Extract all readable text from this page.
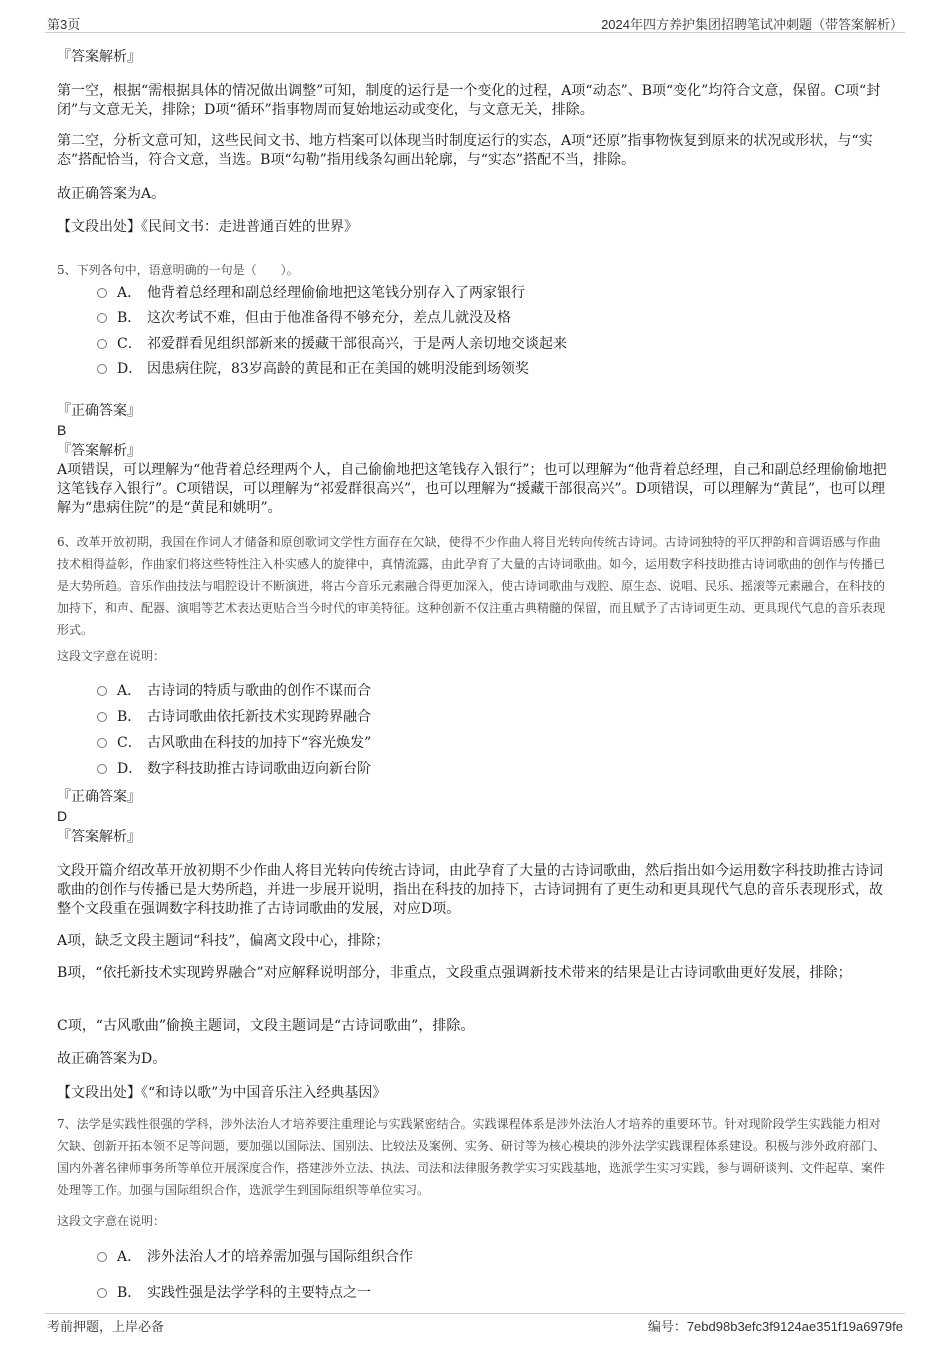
第3页	2024年四方养护集团招聘笔试冲刺题（带答案解析）
『答案解析』
第一空，根据“需根据具体的情况做出调整”可知，制度的运行是一个变化的过程，A项“动态”、B项“变化”均符合文意，保留。C项“封闭”与文意无关，排除；D项“循环”指事物周而复始地运动或变化，与文意无关，排除。
第二空，分析文意可知，这些民间文书、地方档案可以体现当时制度运行的实态，A项“还原”指事物恢复到原来的状况或形状，与“实态”搭配恰当，符合文意，当选。B项“勾勒”指用线条勾画出轮廓，与“实态”搭配不当，排除。
故正确答案为A。
【文段出处】《民间文书：走进普通百姓的世界》
5、下列各句中，语意明确的一句是（　　）。
A． 他背着总经理和副总经理偷偷地把这笔钱分别存入了两家银行
B． 这次考试不难，但由于他准备得不够充分，差点儿就没及格
C． 祁爱群看见组织部新来的援藏干部很高兴，于是两人亲切地交谈起来
D． 因患病住院，83岁高龄的黄昆和正在美国的姚明没能到场领奖
『正确答案』
B
『答案解析』
A项错误，可以理解为“他背着总经理两个人，自己偷偷地把这笔钱存入银行”；也可以理解为“他背着总经理，自己和副总经理偷偷地把这笔钱存入银行”。C项错误，可以理解为“祁爱群很高兴”，也可以理解为“援藏干部很高兴”。D项错误，可以理解为“黄昆”，也可以理解为“患病住院”的是“黄昆和姚明”。
6、改革开放初期，我国在作词人才储备和原创歌词文学性方面存在欠缺，使得不少作曲人将目光转向传统古诗词。古诗词独特的平仄押韵和音调语感与作曲技术相得益彰，作曲家们将这些特性注入朴实感人的旋律中，真情流露，由此孕育了大量的古诗词歌曲。如今，运用数字科技助推古诗词歌曲的创作与传播已是大势所趋。音乐作曲技法与唱腔设计不断演进，将古今音乐元素融合得更加深入，使古诗词歌曲与戏腔、原生态、说唱、民乐、摇滚等元素融合，在科技的加持下，和声、配器、演唱等艺术表达更贴合当今时代的审美特征。这种创新不仅注重古典精髓的保留，而且赋予了古诗词更生动、更具现代气息的音乐表现形式。
这段文字意在说明：
A． 古诗词的特质与歌曲的创作不谋而合
B． 古诗词歌曲依托新技术实现跨界融合
C． 古风歌曲在科技的加持下“容光焕发”
D． 数字科技助推古诗词歌曲迈向新台阶
『正确答案』
D
『答案解析』
文段开篇介绍改革开放初期不少作曲人将目光转向传统古诗词，由此孕育了大量的古诗词歌曲，然后指出如今运用数字科技助推古诗词歌曲的创作与传播已是大势所趋，并进一步展开说明，指出在科技的加持下，古诗词拥有了更生动和更具现代气息的音乐表现形式，故整个文段重在强调数字科技助推了古诗词歌曲的发展，对应D项。
A项，缺乏文段主题词“科技”，偏离文段中心，排除；
B项，“依托新技术实现跨界融合”对应解释说明部分，非重点，文段重点强调新技术带来的结果是让古诗词歌曲更好发展，排除；
C项，“古风歌曲”偷换主题词，文段主题词是“古诗词歌曲”，排除。
故正确答案为D。
【文段出处】《“和诗以歌”为中国音乐注入经典基因》
7、法学是实践性很强的学科，涉外法治人才培养要注重理论与实践紧密结合。实践课程体系是涉外法治人才培养的重要环节。针对现阶段学生实践能力相对欠缺、创新开拓本领不足等问题，要加强以国际法、国别法、比较法及案例、实务、研讨等为核心模块的涉外法学实践课程体系建设。积极与涉外政府部门、国内外著名律师事务所等单位开展深度合作，搭建涉外立法、执法、司法和法律服务教学实习实践基地，选派学生实习实践，参与调研谈判、文件起草、案件处理等工作。加强与国际组织合作，选派学生到国际组织等单位实习。
这段文字意在说明：
A． 涉外法治人才的培养需加强与国际组织合作
B． 实践性强是法学学科的主要特点之一
考前押题，上岸必备	编号：7ebd98b3efc3f9124ae351f19a6979fe
